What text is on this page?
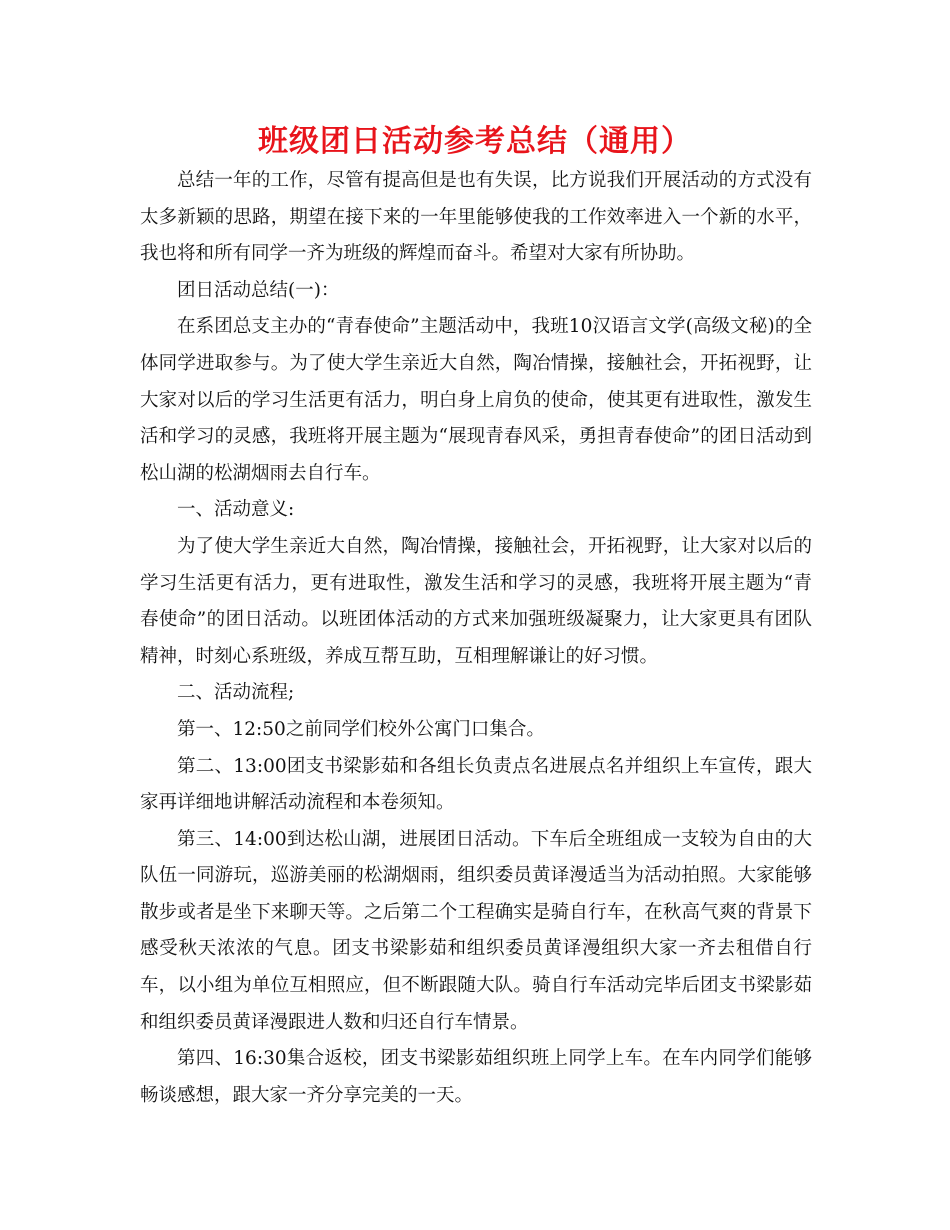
班级团日活动参考总结（通用）

总结一年的工作，尽管有提高但是也有失误，比方说我们开展活动的方式没有太多新颖的思路，期望在接下来的一年里能够使我的工作效率进入一个新的水平，我也将和所有同学一齐为班级的辉煌而奋斗。希望对大家有所协助。

团日活动总结(一)：

在系团总支主办的“青春使命”主题活动中，我班10汉语言文学(高级文秘)的全体同学进取参与。为了使大学生亲近大自然，陶冶情操，接触社会，开拓视野，让大家对以后的学习生活更有活力，明白身上肩负的使命，使其更有进取性，激发生活和学习的灵感，我班将开展主题为“展现青春风采，勇担青春使命”的团日活动到松山湖的松湖烟雨去自行车。

一、活动意义:

为了使大学生亲近大自然，陶冶情操，接触社会，开拓视野，让大家对以后的学习生活更有活力，更有进取性，激发生活和学习的灵感，我班将开展主题为“青春使命”的团日活动。以班团体活动的方式来加强班级凝聚力，让大家更具有团队精神，时刻心系班级，养成互帮互助，互相理解谦让的好习惯。

二、活动流程;

第一、12:50之前同学们校外公寓门口集合。

第二、13:00团支书梁影茹和各组长负责点名进展点名并组织上车宣传，跟大家再详细地讲解活动流程和本卷须知。

第三、14:00到达松山湖，进展团日活动。下车后全班组成一支较为自由的大队伍一同游玩，巡游美丽的松湖烟雨，组织委员黄译漫适当为活动拍照。大家能够散步或者是坐下来聊天等。之后第二个工程确实是骑自行车，在秋高气爽的背景下感受秋天浓浓的气息。团支书梁影茹和组织委员黄译漫组织大家一齐去租借自行车，以小组为单位互相照应，但不断跟随大队。骑自行车活动完毕后团支书梁影茹和组织委员黄译漫跟进人数和归还自行车情景。

第四、16:30集合返校，团支书梁影茹组织班上同学上车。在车内同学们能够畅谈感想，跟大家一齐分享完美的一天。
